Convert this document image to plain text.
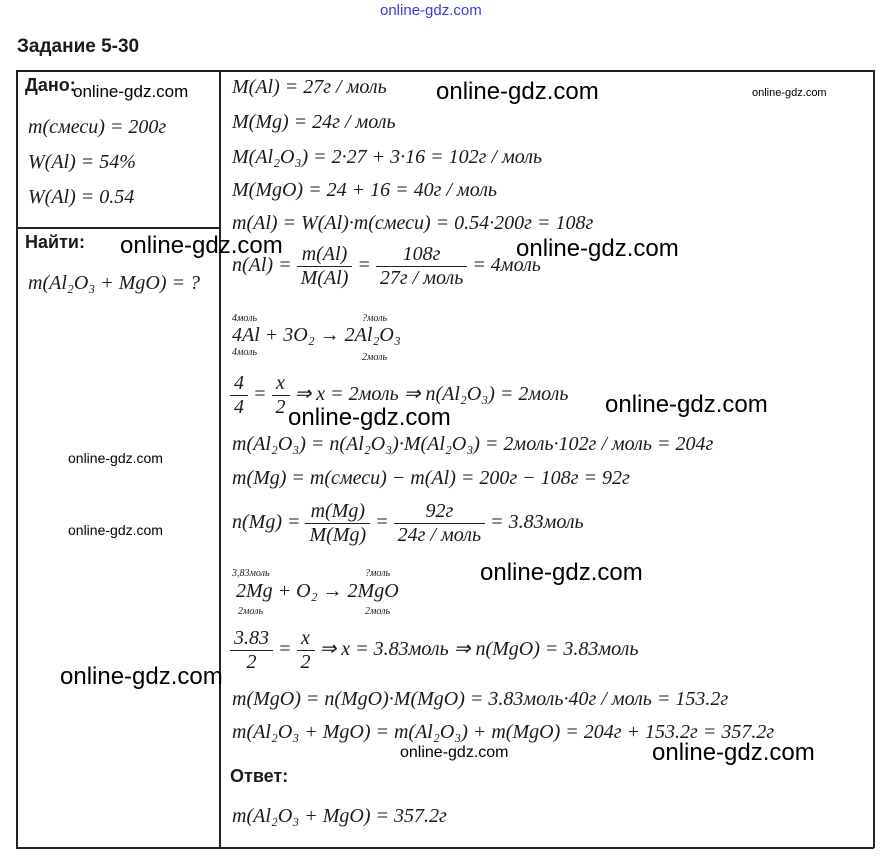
online-gdz.com
Задание 5-30
Дано:
m(смеси) = 200г
W(Al) = 54%
W(Al) = 0.54
Найти:
m(Al₂O₃ + MgO) = ?
M(Al) = 27г / моль
M(Mg) = 24г / моль
M(Al₂O₃) = 2·27 + 3·16 = 102г / моль
M(MgO) = 24 + 16 = 40г / моль
m(Al) = W(Al)·m(смеси) = 0.54·200г = 108г
$n(Al) = \frac{m(Al)}{M(Al)} = \frac{108г}{\text{27г / моль}}$ = 4моль
4моль	?моль
4Al + 3O₂ → 2Al₂O₃
4моль	2моль
$\frac{4}{4} = \frac{x}{2}$ ⇒ x = 2моль ⇒ n(Al₂O₃) = 2моль
m(Al₂O₃) = n(Al₂O₃)·M(Al₂O₃) = 2моль·102г / моль = 204г
m(Mg) = m(смеси) − m(Al) = 200г − 108г = 92г
$n(Mg) = \frac{m(Mg)}{M(Mg)} = \frac{92г}{\text{24г / моль}}$ = 3.83моль
3,83моль	?моль
2Mg + O₂ → 2MgO
2моль	2моль
$\frac{3.83}{2} = \frac{x}{2}$ ⇒ x = 3.83моль ⇒ n(MgO) = 3.83моль
m(MgO) = n(MgO)·M(MgO) = 3.83моль·40г / моль = 153.2г
m(Al₂O₃ + MgO) = m(Al₂O₃) + m(MgO) = 204г + 153.2г = 357.2г
Ответ:
m(Al₂O₃ + MgO) = 357.2г
online-gdz.com	online-gdz.com	online-gdz.com
online-gdz.com	online-gdz.com
online-gdz.com
online-gdz.com
online-gdz.com
online-gdz.com
online-gdz.com
online-gdz.com
online-gdz.com	online-gdz.com
